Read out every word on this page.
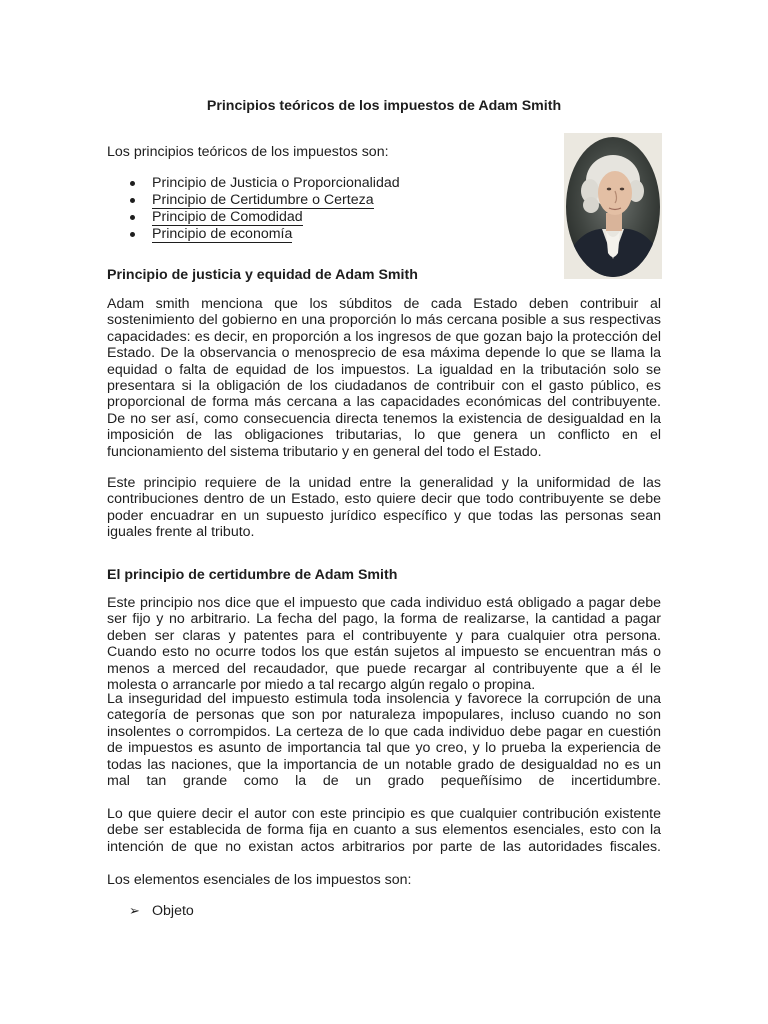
Principios teóricos de los impuestos de Adam Smith
Los principios teóricos de los impuestos son:
Principio de Justicia o Proporcionalidad
Principio de Certidumbre o Certeza
Principio de Comodidad
Principio de economía
Principio de justicia y equidad de Adam Smith

Adam smith menciona que los súbditos de cada Estado deben contribuir al sostenimiento del gobierno en una proporción lo más cercana posible a sus respectivas capacidades: es decir, en proporción a los ingresos de que gozan bajo la protección del Estado. De la observancia o menosprecio de esa máxima depende lo que se llama la equidad o falta de equidad de los impuestos. La igualdad en la tributación solo se presentara si la obligación de los ciudadanos de contribuir con el gasto público, es proporcional de forma más cercana a las capacidades económicas del contribuyente. De no ser así, como consecuencia directa tenemos la existencia de desigualdad en la imposición de las obligaciones tributarias, lo que genera un conflicto en el funcionamiento del sistema tributario y en general del todo el Estado.

Este principio requiere de la unidad entre la generalidad y la uniformidad de las contribuciones dentro de un Estado, esto quiere decir que todo contribuyente se debe poder encuadrar en un supuesto jurídico específico y que todas las personas sean iguales frente al tributo.

El principio de certidumbre de Adam Smith

Este principio nos dice que el impuesto que cada individuo está obligado a pagar debe ser fijo y no arbitrario. La fecha del pago, la forma de realizarse, la cantidad a pagar deben ser claras y patentes para el contribuyente y para cualquier otra persona. Cuando esto no ocurre todos los que están sujetos al impuesto se encuentran más o menos a merced del recaudador, que puede recargar al contribuyente que a él le molesta o arrancarle por miedo a tal recargo algún regalo o propina.

La inseguridad del impuesto estimula toda insolencia y favorece la corrupción de una categoría de personas que son por naturaleza impopulares, incluso cuando no son insolentes o corrompidos. La certeza de lo que cada individuo debe pagar en cuestión de impuestos es asunto de importancia tal que yo creo, y lo prueba la experiencia de todas las naciones, que la importancia de un notable grado de desigualdad no es un mal tan grande como la de un grado pequeñísimo de incertidumbre.

Lo que quiere decir el autor con este principio es que cualquier contribución existente debe ser establecida de forma fija en cuanto a sus elementos esenciales, esto con la intención de que no existan actos arbitrarios por parte de las autoridades fiscales.

Los elementos esenciales de los impuestos son:

➢ Objeto
